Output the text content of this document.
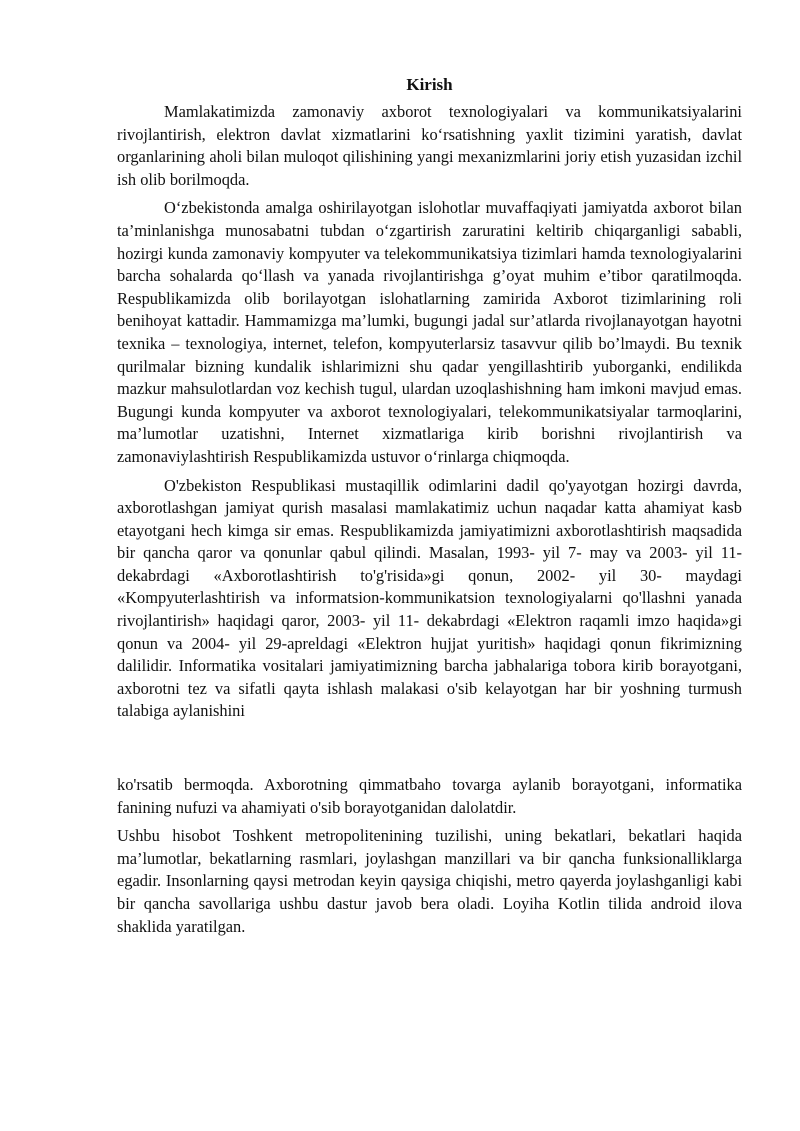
Kirish

Mamlakatimizda zamonaviy axborot texnologiyalari va kommunikatsiyalarini rivojlantirish, elektron davlat xizmatlarini ko‘rsatishning yaxlit tizimini yaratish, davlat organlarining aholi bilan muloqot qilishining yangi mexanizmlarini joriy etish yuzasidan izchil ish olib borilmoqda.

O‘zbekistonda amalga oshirilayotgan islohotlar muvaffaqiyati jamiyatda axborot bilan ta’minlanishga munosabatni tubdan o‘zgartirish zaruratini keltirib chiqarganligi sababli, hozirgi kunda zamonaviy kompyuter va telekommunikatsiya tizimlari hamda texnologiyalarini barcha sohalarda qo‘llash va yanada rivojlantirishga g’oyat muhim e’tibor qaratilmoqda. Respublikamizda olib borilayotgan islohatlarning zamirida Axborot tizimlarining roli benihoyat kattadir. Hammamizga ma’lumki, bugungi jadal sur’atlarda rivojlanayotgan hayotni texnika – texnologiya, internet, telefon, kompyuterlarsiz tasavvur qilib bo’lmaydi. Bu texnik qurilmalar bizning kundalik ishlarimizni shu qadar yengillashtirib yuborganki, endilikda mazkur mahsulotlardan voz kechish tugul, ulardan uzoqlashishning ham imkoni mavjud emas. Bugungi kunda kompyuter va axborot texnologiyalari, telekommunikatsiyalar tarmoqlarini, ma’lumotlar uzatishni, Internet xizmatlariga kirib borishni rivojlantirish va zamonaviylashtirish Respublikamizda ustuvor o‘rinlarga chiqmoqda.

O'zbekiston Respublikasi mustaqillik odimlarini dadil qo'yayotgan hozirgi davrda, axborotlashgan jamiyat qurish masalasi mamlakatimiz uchun naqadar katta ahamiyat kasb etayotgani hech kimga sir emas. Respublikamizda jamiyatimizni axborotlashtirish maqsadida bir qancha qaror va qonunlar qabul qilindi. Masalan, 1993- yil 7- may va 2003- yil 11- dekabrdagi «Axborotlashtirish to'g'risida»gi qonun, 2002- yil 30- maydagi «Kompyuterlashtirish va informatsion-kommunikatsion texnologiyalarni qo'llashni yanada rivojlantirish» haqidagi qaror, 2003- yil 11- dekabrdagi «Elektron raqamli imzo haqida»gi qonun va 2004- yil 29-apreldagi «Elektron hujjat yuritish» haqidagi qonun fikrimizning dalilidir. Informatika vositalari jamiyatimizning barcha jabhalariga tobora kirib borayotgani, axborotni tez va sifatli qayta ishlash malakasi o'sib kelayotgan har bir yoshning turmush talabiga aylanishini

ko'rsatib bermoqda. Axborotning qimmatbaho tovarga aylanib borayotgani, informatika fanining nufuzi va ahamiyati o'sib borayotganidan dalolatdir.

Ushbu hisobot Toshkent metropolitenining tuzilishi, uning bekatlari, bekatlari haqida ma’lumotlar, bekatlarning rasmlari, joylashgan manzillari va bir qancha funksionalliklarga egadir. Insonlarning qaysi metrodan keyin qaysiga chiqishi, metro qayerda joylashganligi kabi bir qancha savollariga ushbu dastur javob bera oladi. Loyiha Kotlin tilida android ilova shaklida yaratilgan.
